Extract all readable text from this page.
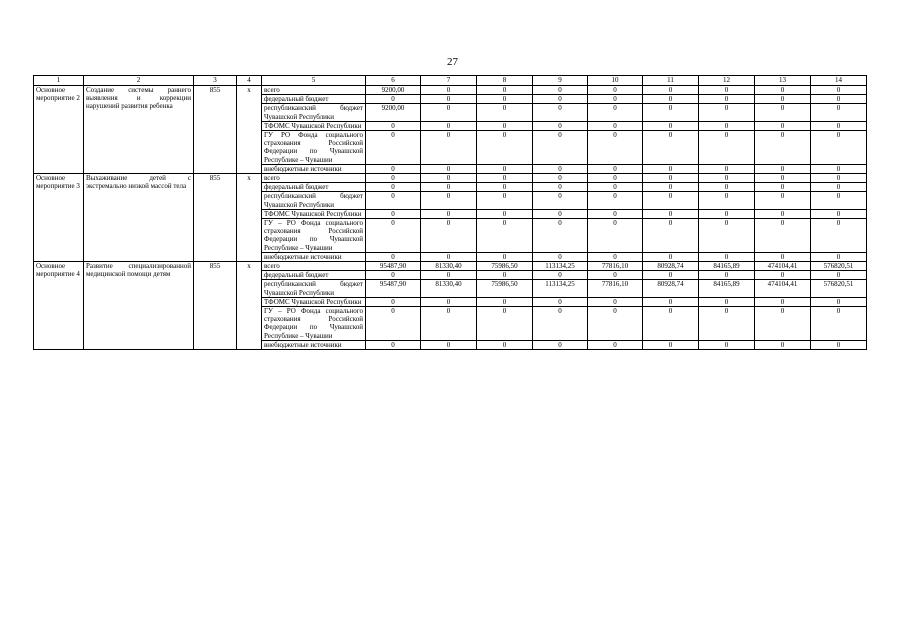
27
1	2	3	4	5	6	7	8	9	10	11	12	13	14
Основное мероприятие 2	Создание системы раннего выявления и коррекции нарушений развития ребенка	855	х	всего	9200,00	0	0	0	0	0	0	0	0
				федеральный бюджет	0	0	0	0	0	0	0	0	0
				республиканский бюджет Чувашской Республики	9200,00	0	0	0	0	0	0	0	0
				ТФОМС Чувашской Республики	0	0	0	0	0	0	0	0	0
				ГУ РО Фонда социального страхования Российской Федерации по Чувашской Республике – Чувашии	0	0	0	0	0	0	0	0	0
				внебюджетные источники	0	0	0	0	0	0	0	0	0
Основное мероприятие 3	Выхаживание детей с экстремально низкой массой тела	855	х	всего	0	0	0	0	0	0	0	0	0
				федеральный бюджет	0	0	0	0	0	0	0	0	0
				республиканский бюджет Чувашской Республики	0	0	0	0	0	0	0	0	0
				ТФОМС Чувашской Республики	0	0	0	0	0	0	0	0	0
				ГУ – РО Фонда социального страхования Российской Федерации по Чувашской Республике – Чувашии	0	0	0	0	0	0	0	0	0
				внебюджетные источники	0	0	0	0	0	0	0	0	0
Основное мероприятие 4	Развитие специализированной медицинской помощи детям	855	х	всего	95487,90	81330,40	75986,50	113134,25	77816,10	80928,74	84165,89	474104,41	576820,51
				федеральный бюджет	0	0	0	0	0	0	0	0	0
				республиканский бюджет Чувашской Республики	95487,90	81330,40	75986,50	113134,25	77816,10	80928,74	84165,89	474104,41	576820,51
				ТФОМС Чувашской Республики	0	0	0	0	0	0	0	0	0
				ГУ – РО Фонда социального страхования Российской Федерации по Чувашской Республике – Чувашии	0	0	0	0	0	0	0	0	0
				внебюджетные источники	0	0	0	0	0	0	0	0	0
